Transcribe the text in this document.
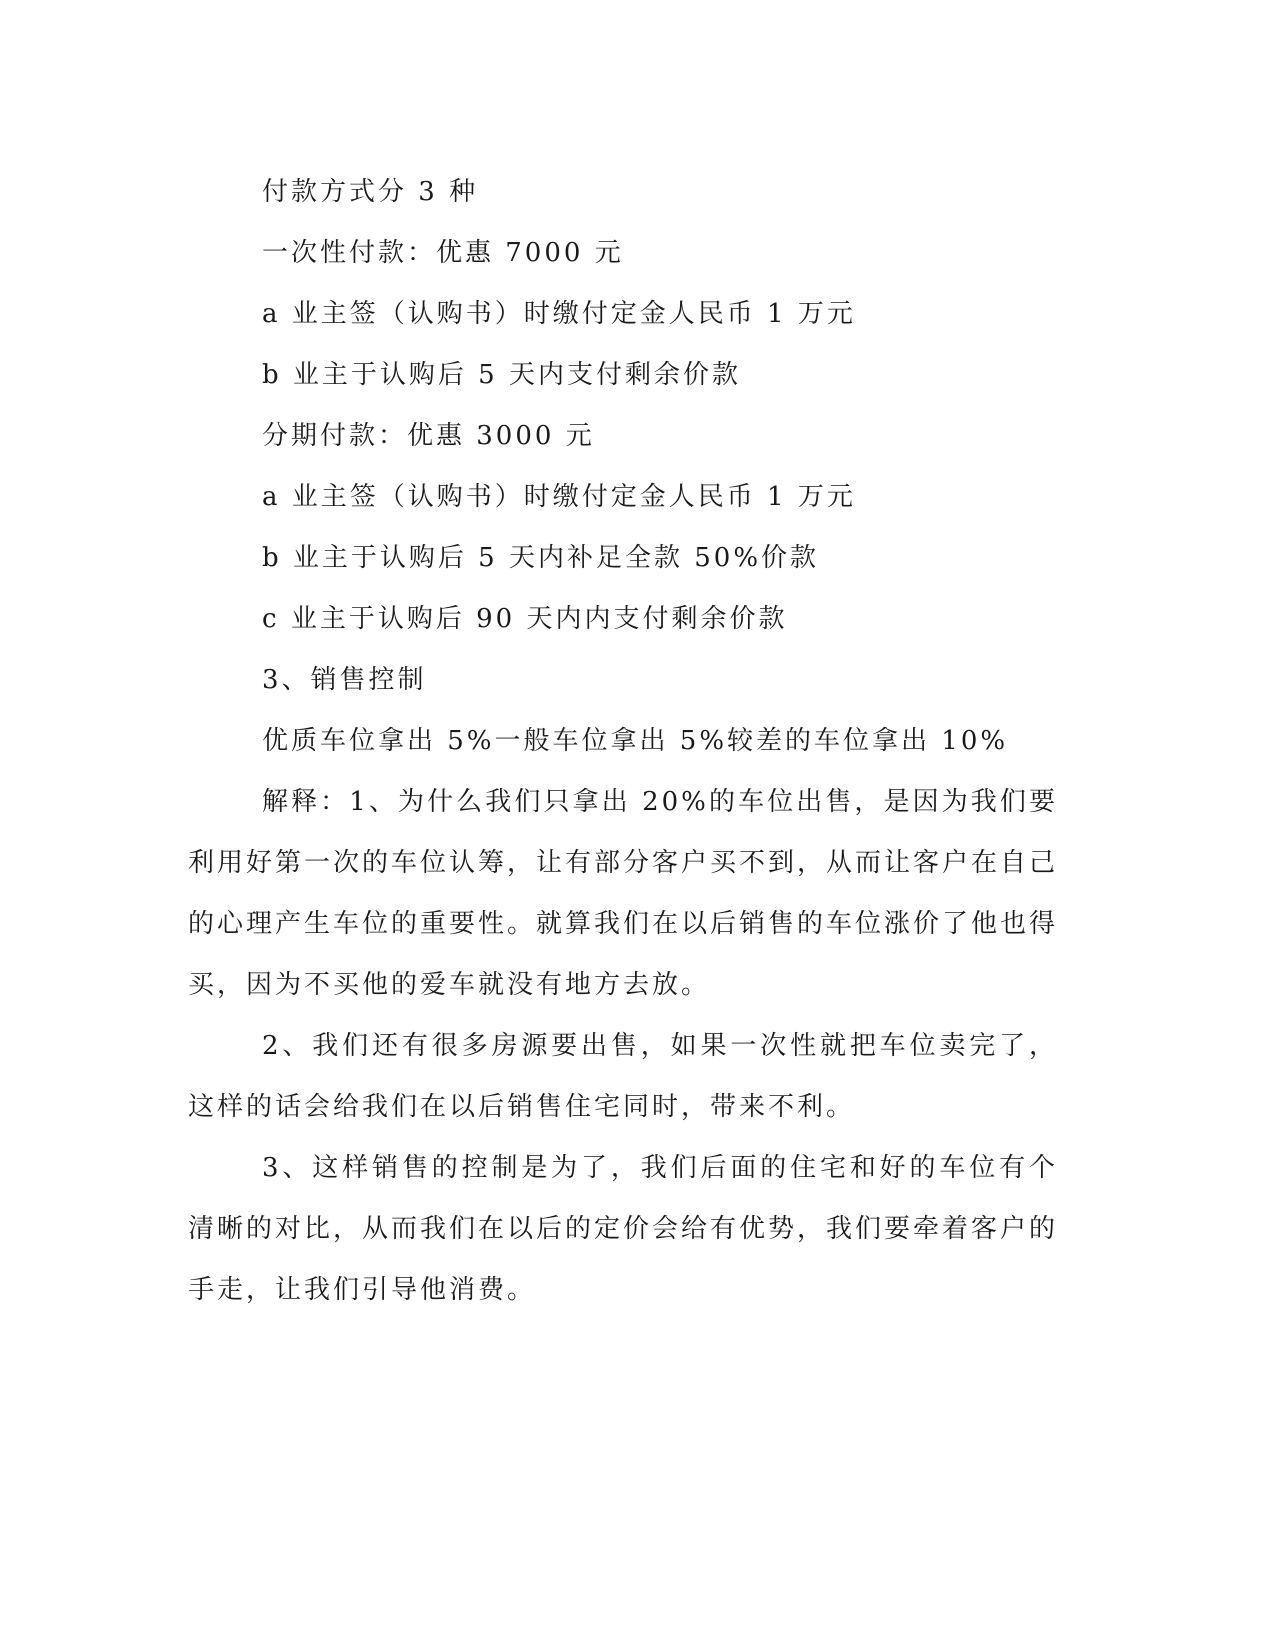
付款方式分 3 种

一次性付款：优惠 7000 元

a 业主签（认购书）时缴付定金人民币 1 万元

b 业主于认购后 5 天内支付剩余价款

分期付款：优惠 3000 元

a 业主签（认购书）时缴付定金人民币 1 万元

b 业主于认购后 5 天内补足全款 50%价款

c 业主于认购后 90 天内内支付剩余价款

3、销售控制

优质车位拿出 5%一般车位拿出 5%较差的车位拿出 10%

解释：1、为什么我们只拿出 20%的车位出售，是因为我们要利用好第一次的车位认筹，让有部分客户买不到，从而让客户在自己的心理产生车位的重要性。就算我们在以后销售的车位涨价了他也得买，因为不买他的爱车就没有地方去放。

2、我们还有很多房源要出售，如果一次性就把车位卖完了，这样的话会给我们在以后销售住宅同时，带来不利。

3、这样销售的控制是为了，我们后面的住宅和好的车位有个清晰的对比，从而我们在以后的定价会给有优势，我们要牵着客户的手走，让我们引导他消费。
